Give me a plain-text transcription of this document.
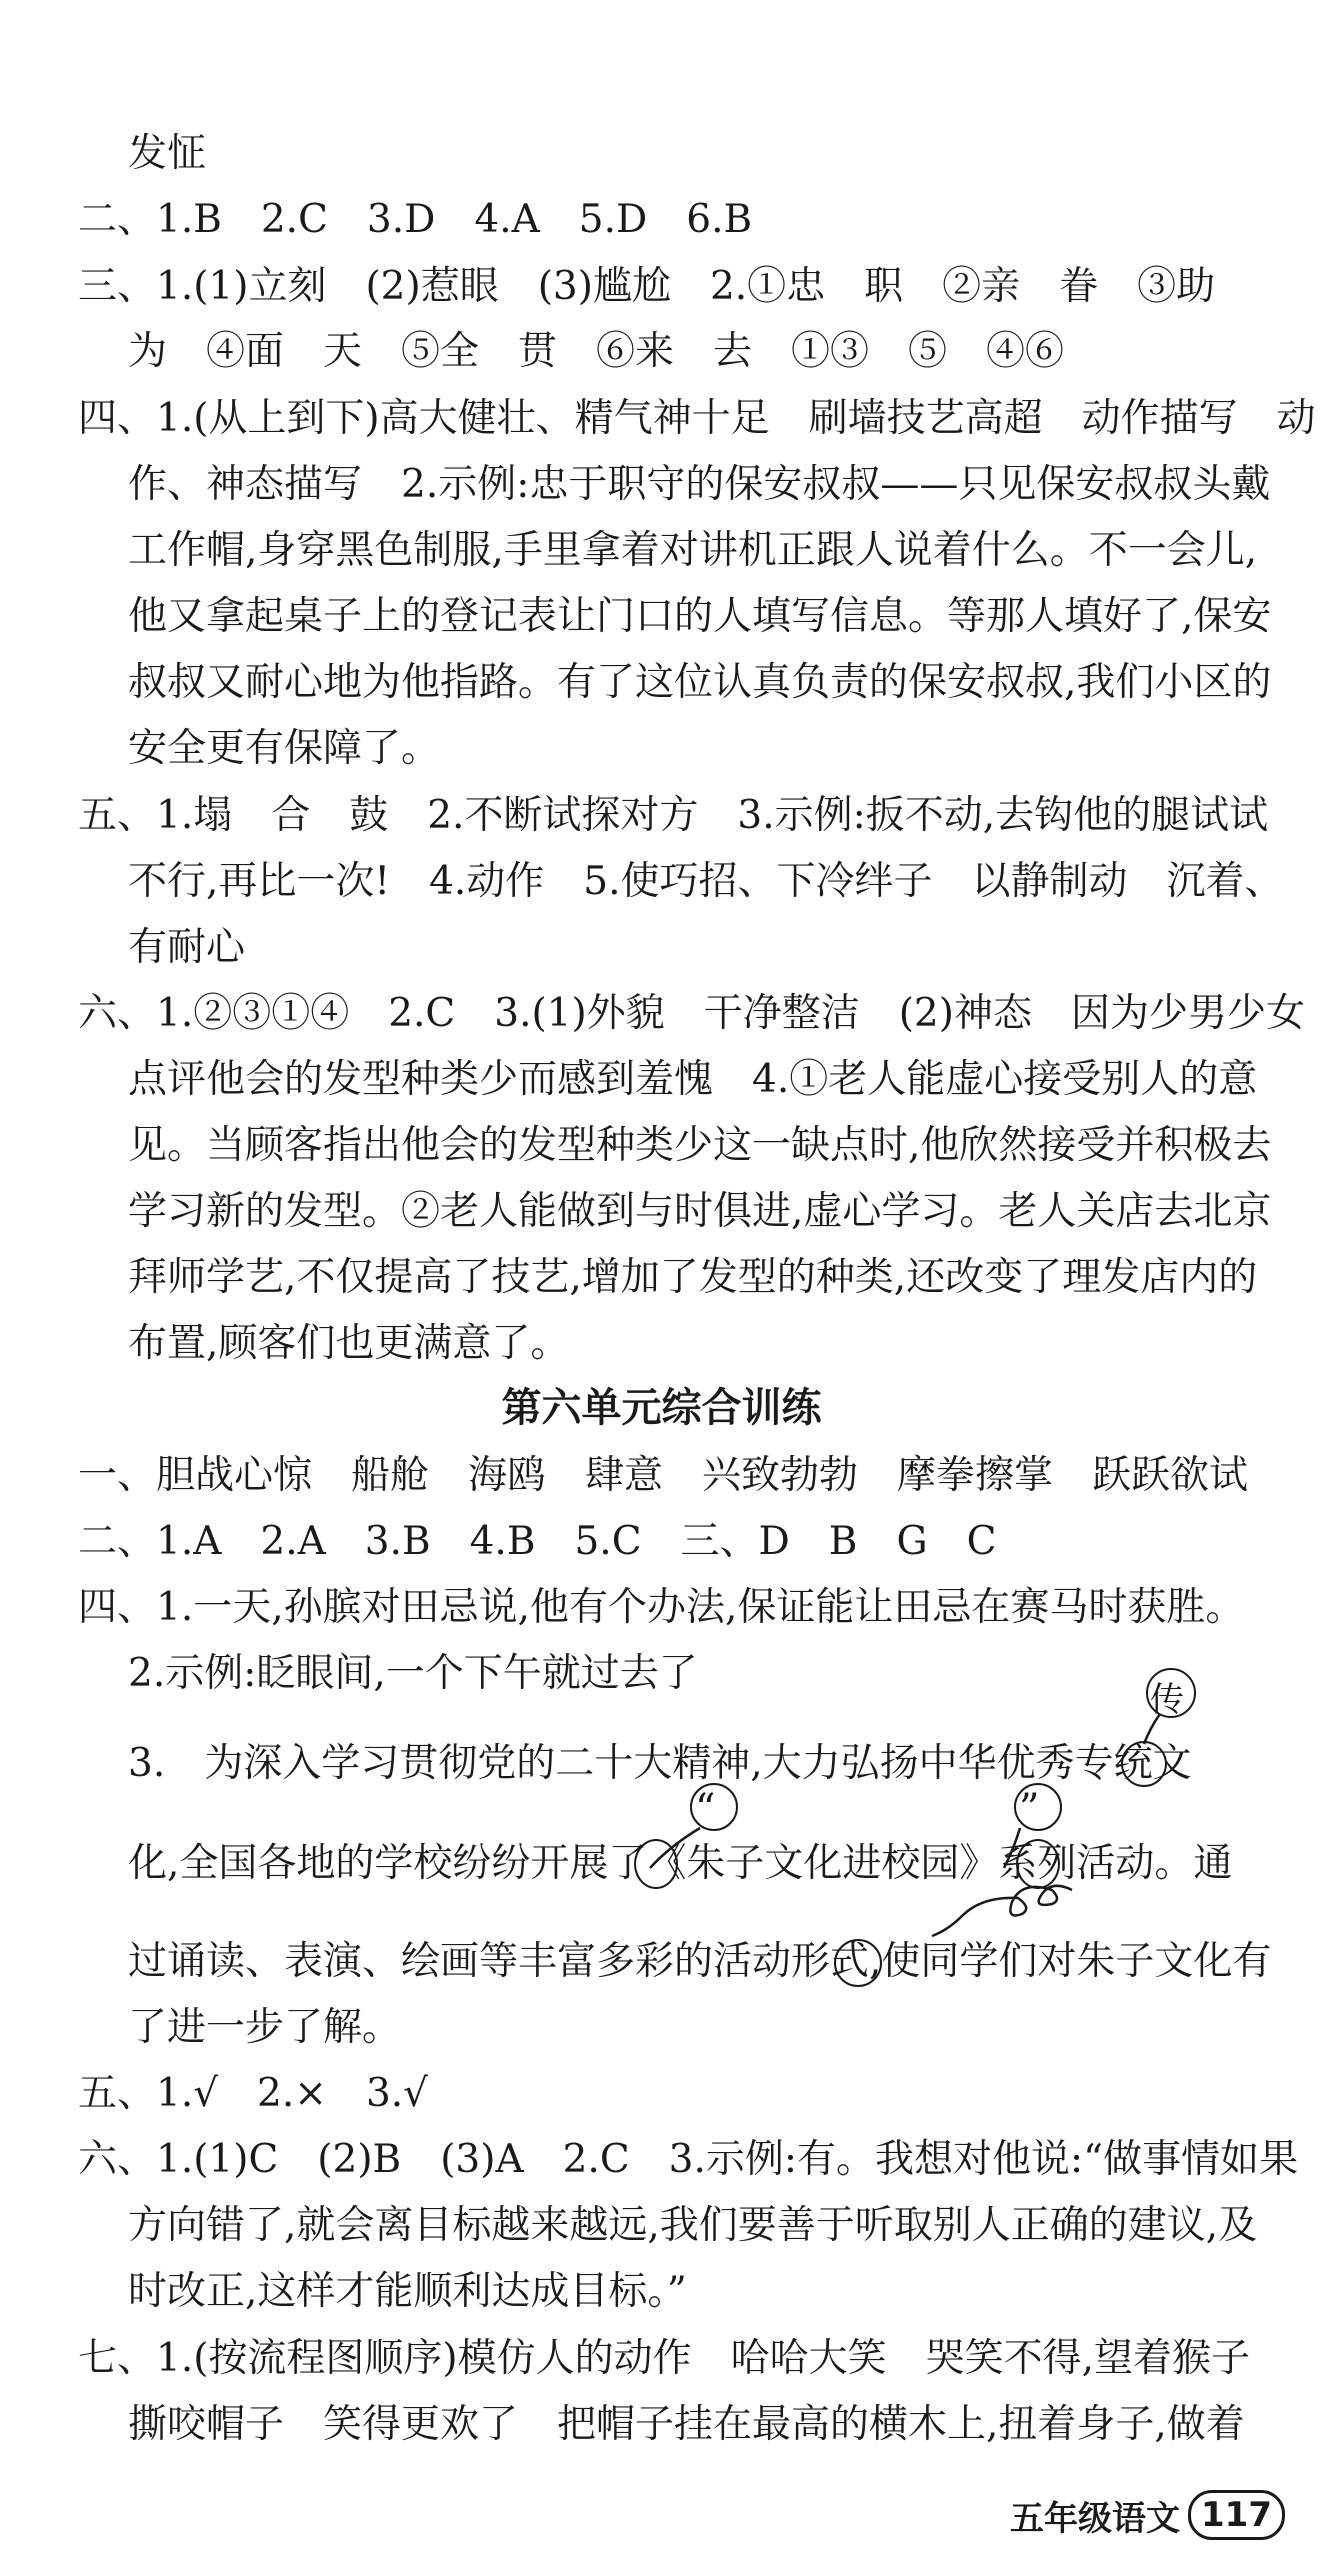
发怔
二、1.B　2.C　3.D　4.A　5.D　6.B
三、1.(1)立刻　(2)惹眼　(3)尴尬　2.①忠　职　②亲　眷　③助
为　④面　天　⑤全　贯　⑥来　去　①③　⑤　④⑥
四、1.(从上到下)高大健壮、精气神十足　刷墙技艺高超　动作描写　动
作、神态描写　2.示例:忠于职守的保安叔叔——只见保安叔叔头戴
工作帽,身穿黑色制服,手里拿着对讲机正跟人说着什么。不一会儿,
他又拿起桌子上的登记表让门口的人填写信息。等那人填好了,保安
叔叔又耐心地为他指路。有了这位认真负责的保安叔叔,我们小区的
安全更有保障了。
五、1.塌　合　鼓　2.不断试探对方　3.示例:扳不动,去钩他的腿试试
不行,再比一次!　4.动作　5.使巧招、下冷绊子　以静制动　沉着、
有耐心
六、1.②③①④　2.C　3.(1)外貌　干净整洁　(2)神态　因为少男少女
点评他会的发型种类少而感到羞愧　4.①老人能虚心接受别人的意
见。当顾客指出他会的发型种类少这一缺点时,他欣然接受并积极去
学习新的发型。②老人能做到与时俱进,虚心学习。老人关店去北京
拜师学艺,不仅提高了技艺,增加了发型的种类,还改变了理发店内的
布置,顾客们也更满意了。
第六单元综合训练
一、胆战心惊　船舱　海鸥　肆意　兴致勃勃　摩拳擦掌　跃跃欲试
二、1.A　2.A　3.B　4.B　5.C　三、D　B　G　C
四、1.一天,孙膑对田忌说,他有个办法,保证能让田忌在赛马时获胜。
2.示例:眨眼间,一个下午就过去了
3.　为深入学习贯彻党的二十大精神,大力弘扬中华优秀专统文
化,全国各地的学校纷纷开展了《朱子文化进校园》系列活动。通
过诵读、表演、绘画等丰富多彩的活动形式,使同学们对朱子文化有
了进一步了解。
五、1.√　2.×　3.√
六、1.(1)C　(2)B　(3)A　2.C　3.示例:有。我想对他说:“做事情如果
方向错了,就会离目标越来越远,我们要善于听取别人正确的建议,及
时改正,这样才能顺利达成目标。”
七、1.(按流程图顺序)模仿人的动作　哈哈大笑　哭笑不得,望着猴子
撕咬帽子　笑得更欢了　把帽子挂在最高的横木上,扭着身子,做着
传
“	”
五年级语文 117
